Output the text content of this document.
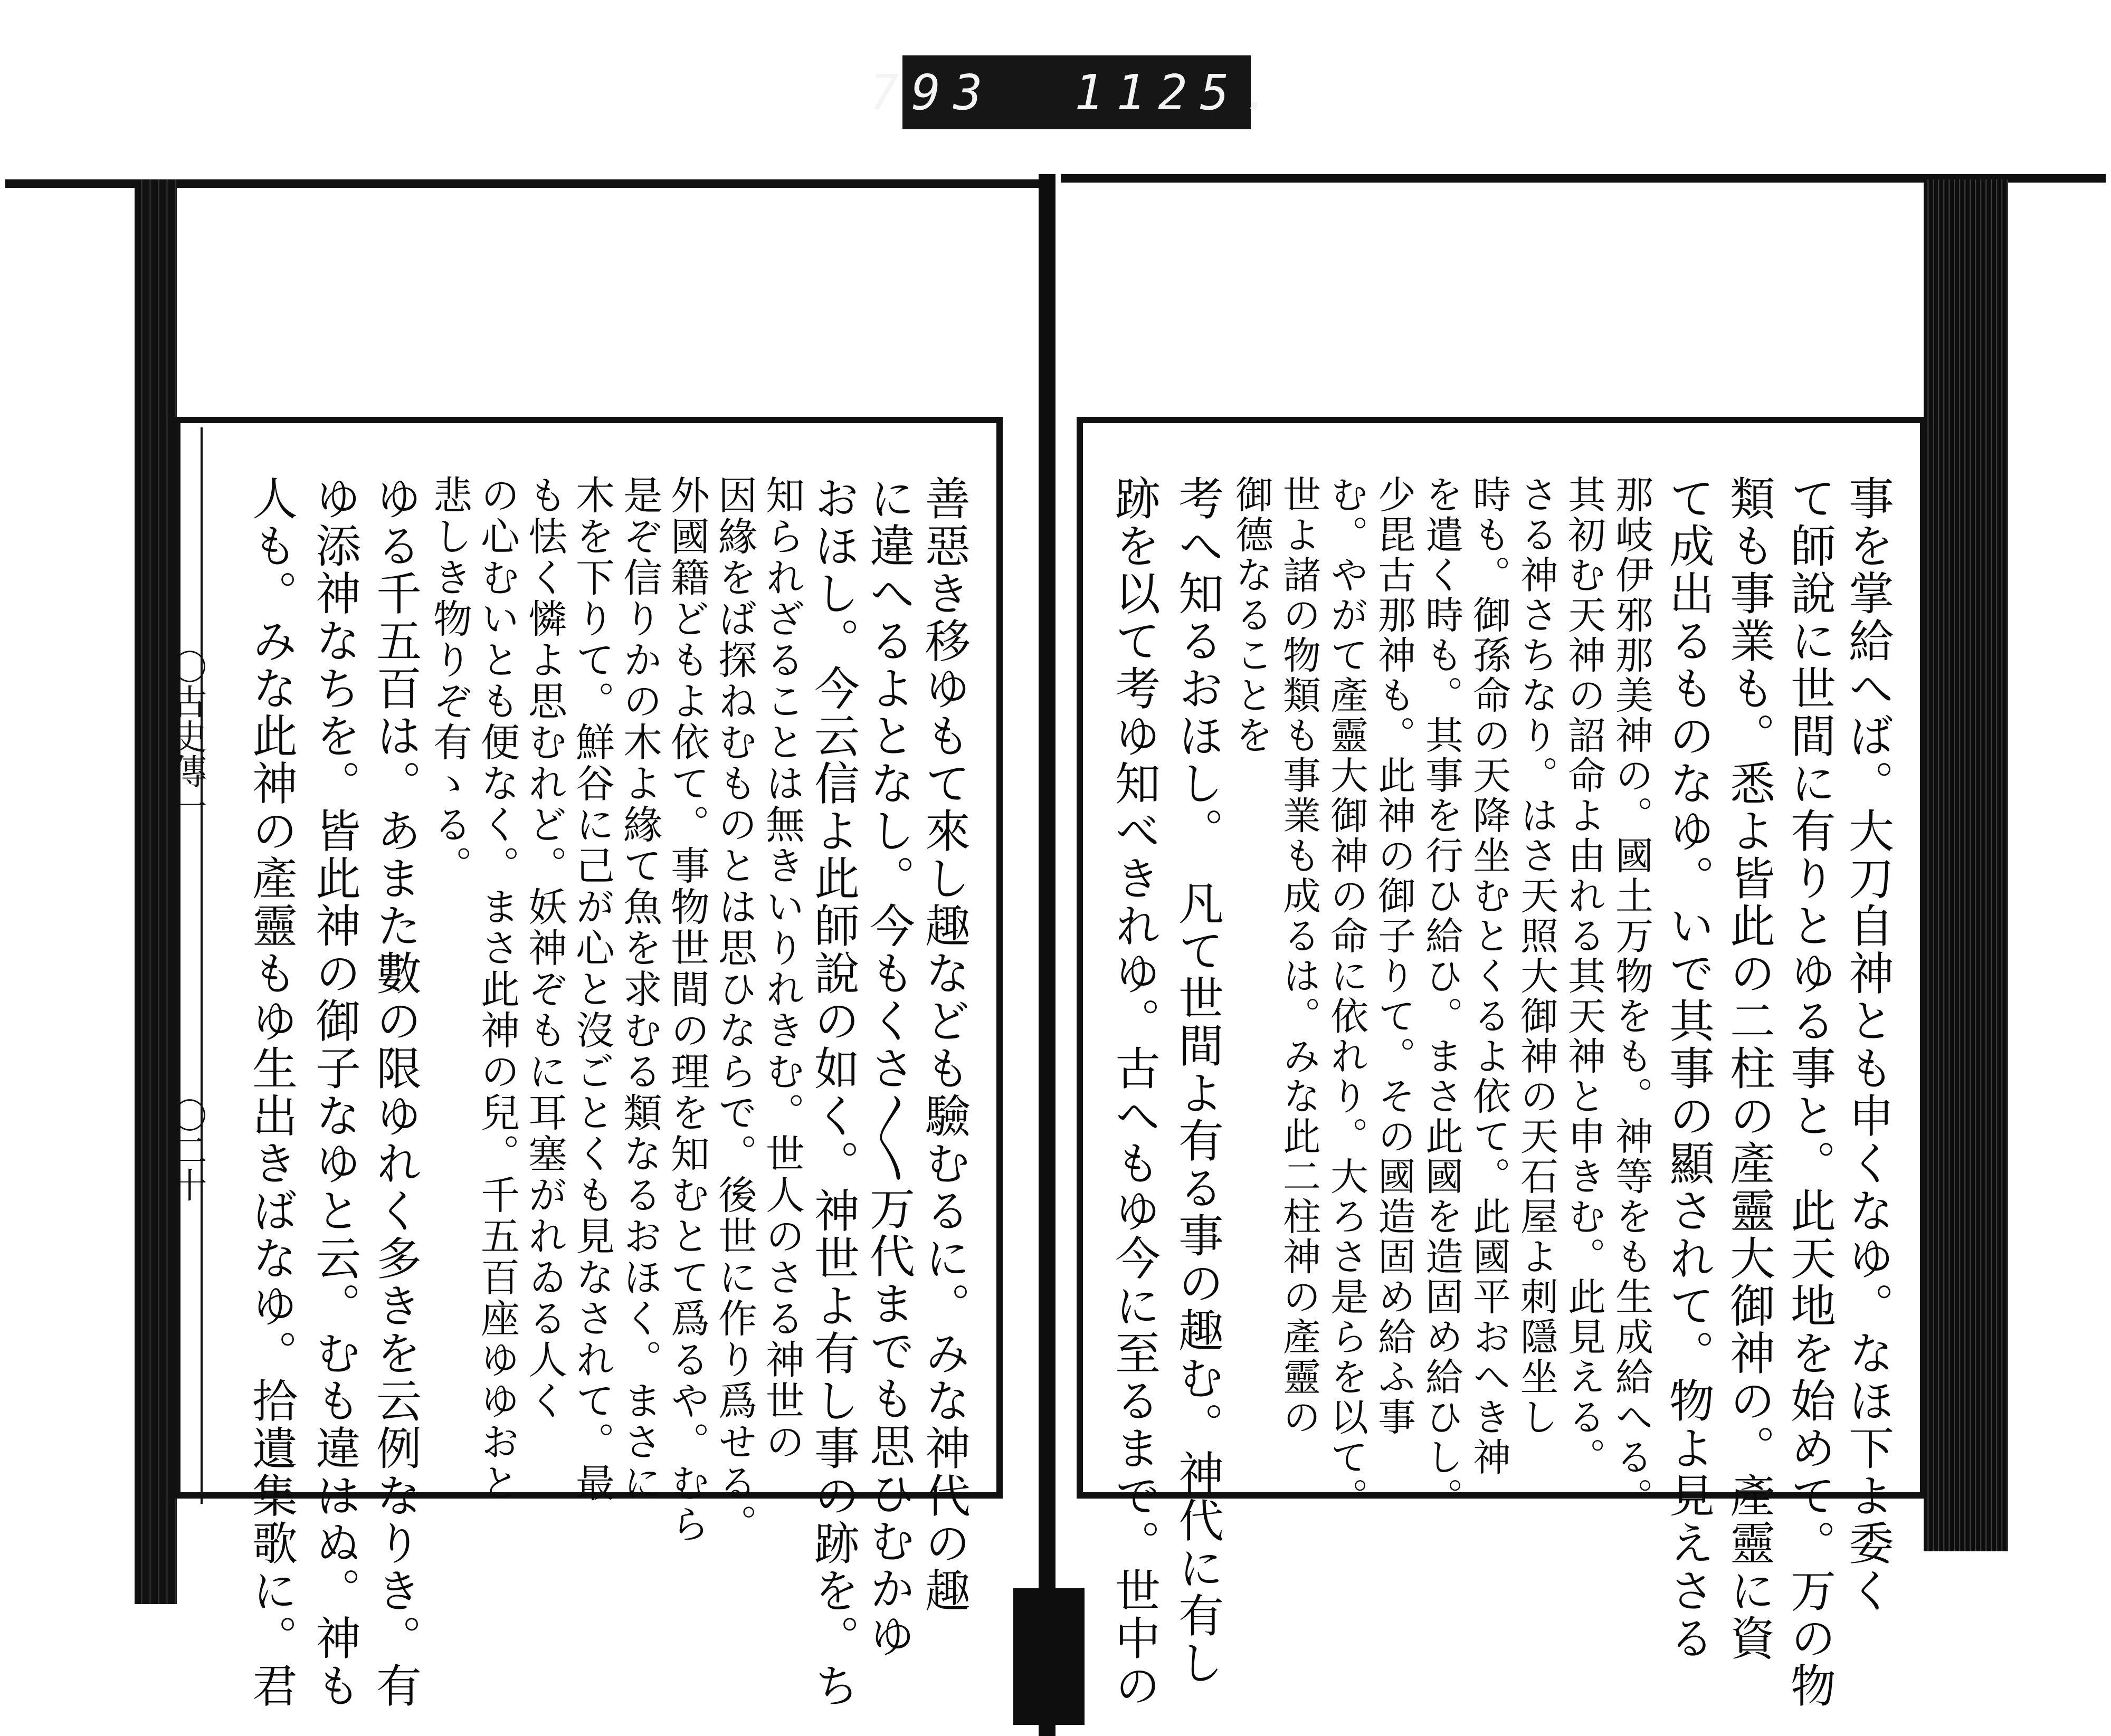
793 1125.
〇古史傳一
〇二十	善惡き移ゆもて來し趣なども驗むるに。みな神代の趣
に違へるよとなし。今もくさ〳〵万代までも思ひむかゆ
おほし。今云信よ此師說の如く。神世よ有し事の跡を。ち
知られざることは無きいりれきむ。世人のさる神世の
因緣をば探ねむものとは思ひならで。後世に作り爲せる。
外國籍どもよ依て。事物世間の理を知むとて爲るや。むら
是ぞ信りかの木よ緣て魚を求むる類なるおほく。まさに
木を下りて。鮮谷に己が心と沒ごとくも見なされて。最
も怯く憐よ思むれど。妖神ぞもに耳塞がれゐる人く
の心むいとも便なく。まさ此神の兒。千五百座ゆゆおと
悲しき物りぞ有ゝる。
ゆる千五百は。あまた數の限ゆれく多きを云例なりき。有
ゆ添神なちを。皆此神の御子なゆと云。むも違はぬ。神も
人も。みな此神の產靈もゆ生出きばなゆ。拾遺集歌に。君	事を掌給へば。大刀自神とも申くなゆ。なほ下よ委く
て師說に世間に有りとゆる事と。此天地を始めて。万の物
類も事業も。悉よ皆此の二柱の產靈大御神の。產靈に資
て成出るものなゆ。いで其事の顯されて。物よ見えさる
那岐伊邪那美神の。國土万物をも。神等をも生成給へる。
其初む天神の詔命よ由れる其天神と申きむ。此見える。
さる神さちなり。はさ天照大御神の天石屋よ刺隱坐し
時も。御孫命の天降坐むとくるよ依て。此國平おへき神
を遣く時も。其事を行ひ給ひ。まさ此國を造固め給ひし。
少毘古那神も。此神の御子りて。その國造固め給ふ事
む。やがて產靈大御神の命に依れり。大ろさ是らを以て。
世よ諸の物類も事業も成るは。みな此二柱神の產靈の
御德なることを
考へ知るおほし。　凡て世間よ有る事の趣む。神代に有し
跡を以て考ゆ知べきれゆ。古へもゆ今に至るまで。世中の
